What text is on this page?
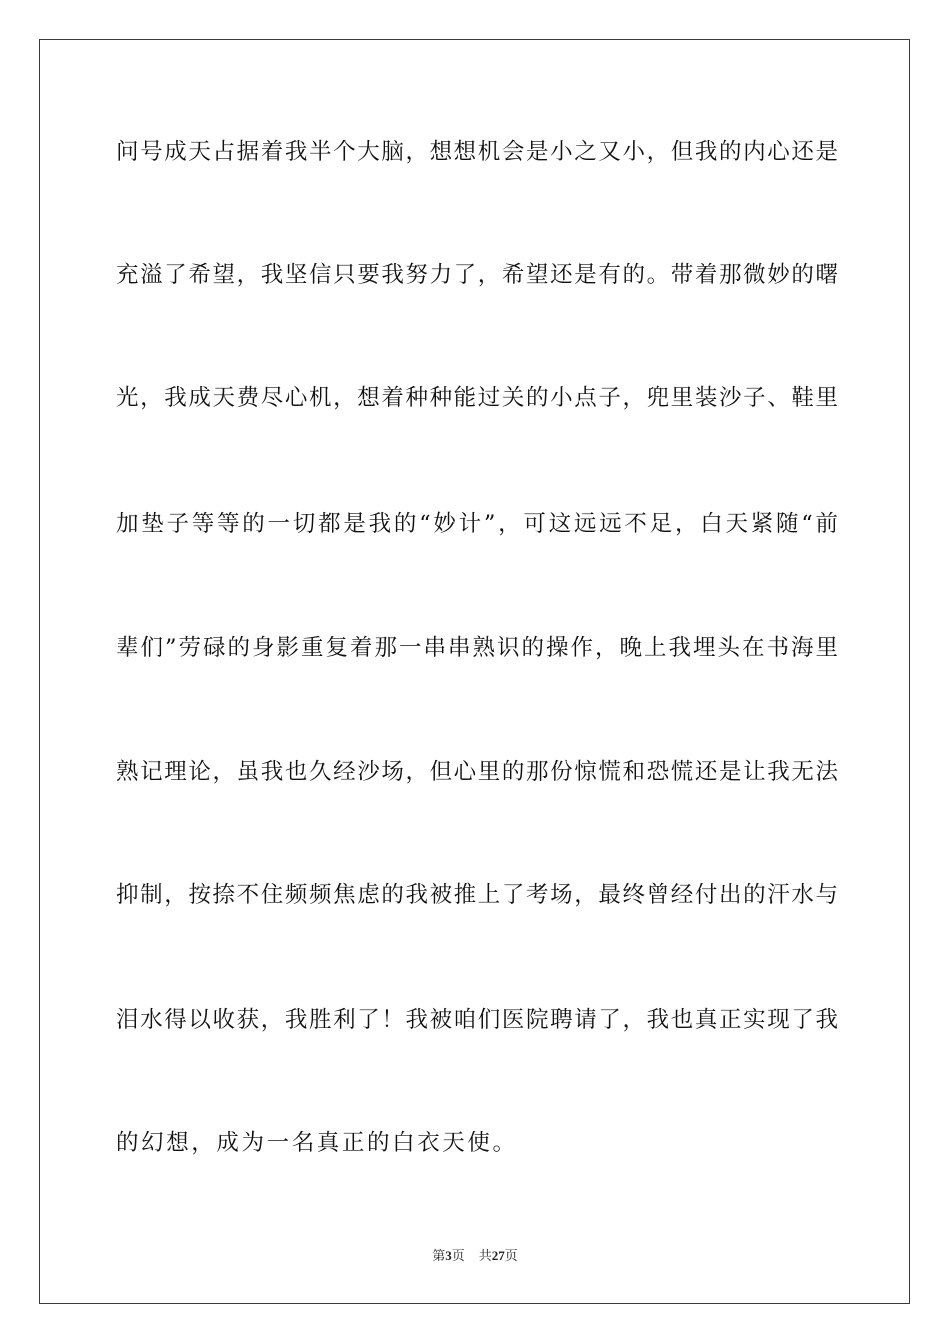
问号成天占据着我半个大脑，想想机会是小之又小，但我的内心还是
充溢了希望，我坚信只要我努力了，希望还是有的。带着那微妙的曙
光，我成天费尽心机，想着种种能过关的小点子，兜里装沙子、鞋里
加垫子等等的一切都是我的“妙计”，可这远远不足，白天紧随“前
辈们”劳碌的身影重复着那一串串熟识的操作，晚上我埋头在书海里
熟记理论，虽我也久经沙场，但心里的那份惊慌和恐慌还是让我无法
抑制，按捺不住频频焦虑的我被推上了考场，最终曾经付出的汗水与
泪水得以收获，我胜利了！我被咱们医院聘请了，我也真正实现了我
的幻想，成为一名真正的白衣天使。
第3页 共27页
